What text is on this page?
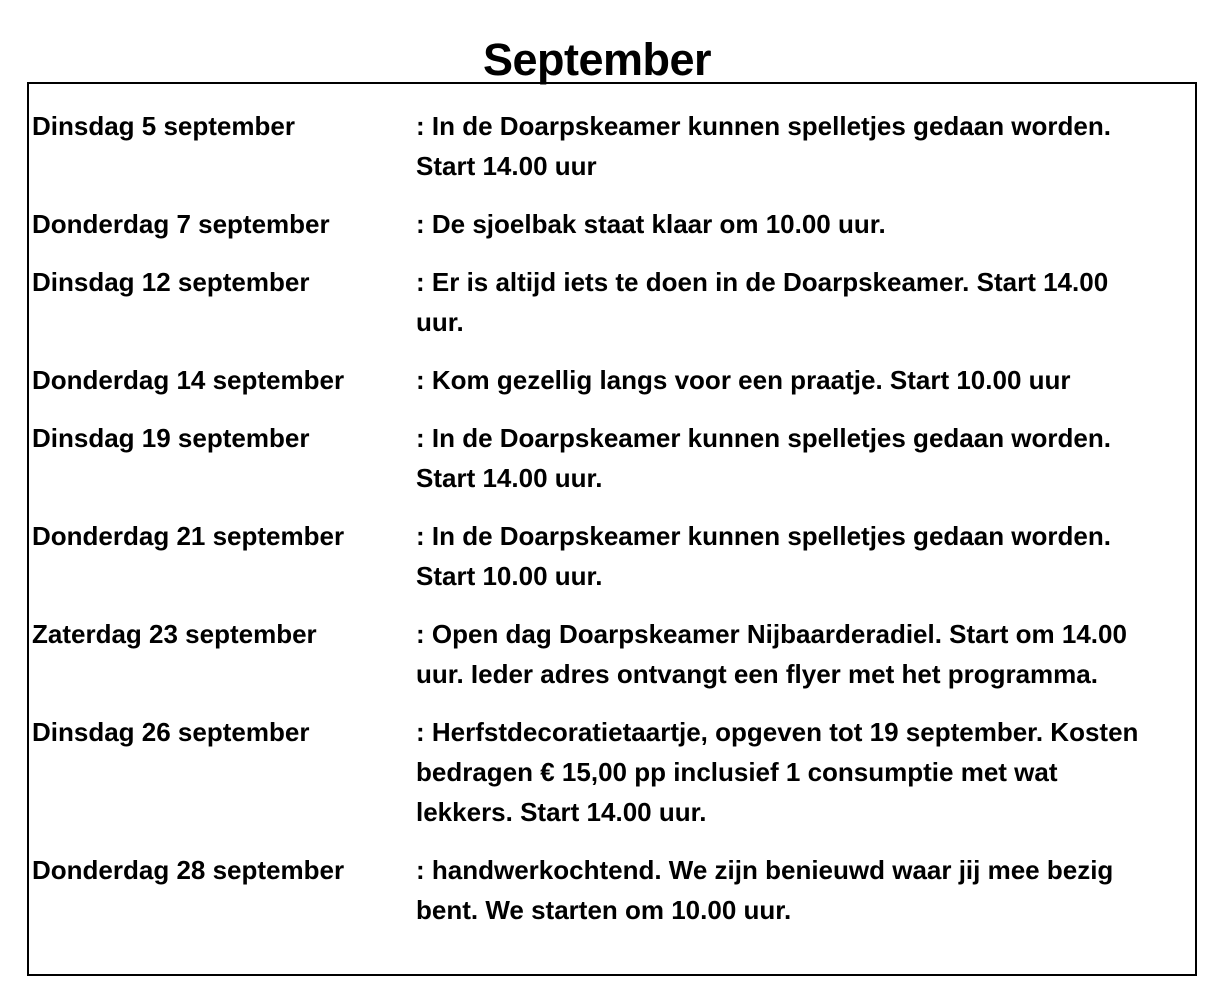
September
Dinsdag 5 september	: In de Doarpskeamer kunnen spelletjes gedaan worden.
Start 14.00 uur
Donderdag 7 september	: De sjoelbak staat klaar om 10.00 uur.
Dinsdag 12 september	: Er is altijd iets te doen in de Doarpskeamer. Start 14.00
uur.
Donderdag 14 september	: Kom gezellig langs voor een praatje. Start 10.00 uur
Dinsdag 19 september	: In de Doarpskeamer kunnen spelletjes gedaan worden.
Start 14.00 uur.
Donderdag 21 september	: In de Doarpskeamer kunnen spelletjes gedaan worden.
Start 10.00 uur.
Zaterdag 23 september	: Open dag Doarpskeamer Nijbaarderadiel. Start om 14.00
uur. Ieder adres ontvangt een flyer met het programma.
Dinsdag 26 september	: Herfstdecoratietaartje, opgeven tot 19 september. Kosten
bedragen € 15,00 pp inclusief 1 consumptie met wat
lekkers. Start 14.00 uur.
Donderdag 28 september	: handwerkochtend. We zijn benieuwd waar jij mee bezig
bent. We starten om 10.00 uur.
